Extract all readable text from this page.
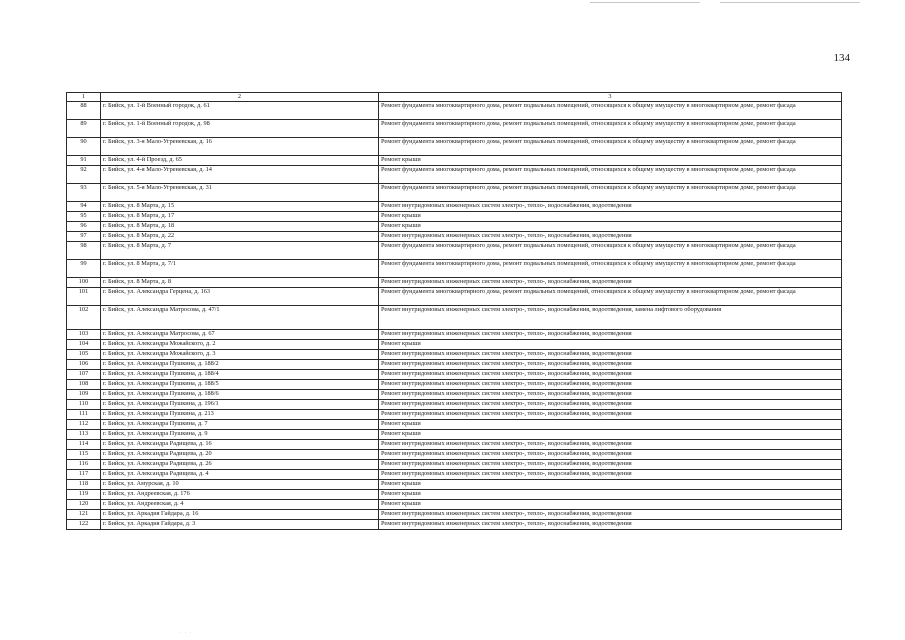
134
1	2	3
88	г. Бийск, ул. 1-й Военный городок, д. 61	Ремонт фундамента многоквартирного дома, ремонт подвальных помещений, относящихся к общему имуществу в многоквартирном доме, ремонт фасада
89	г. Бийск, ул. 1-й Военный городок, д. 98	Ремонт фундамента многоквартирного дома, ремонт подвальных помещений, относящихся к общему имуществу в многоквартирном доме, ремонт фасада
90	г. Бийск, ул. 3-я Мало-Угреневская, д. 16	Ремонт фундамента многоквартирного дома, ремонт подвальных помещений, относящихся к общему имуществу в многоквартирном доме, ремонт фасада
91	г. Бийск, ул. 4-й Проезд, д. 65	Ремонт крыши
92	г. Бийск, ул. 4-я Мало-Угреневская, д. 14	Ремонт фундамента многоквартирного дома, ремонт подвальных помещений, относящихся к общему имуществу в многоквартирном доме, ремонт фасада
93	г. Бийск, ул. 5-я Мало-Угреневская, д. 31	Ремонт фундамента многоквартирного дома, ремонт подвальных помещений, относящихся к общему имуществу в многоквартирном доме, ремонт фасада
94	г. Бийск, ул. 8 Марта, д. 15	Ремонт внутридомовых инженерных систем электро-, тепло-, водоснабжения, водоотведения
95	г. Бийск, ул. 8 Марта, д. 17	Ремонт крыши
96	г. Бийск, ул. 8 Марта, д. 18	Ремонт крыши
97	г. Бийск, ул. 8 Марта, д. 22	Ремонт внутридомовых инженерных систем электро-, тепло-, водоснабжения, водоотведения
98	г. Бийск, ул. 8 Марта, д. 7	Ремонт фундамента многоквартирного дома, ремонт подвальных помещений, относящихся к общему имуществу в многоквартирном доме, ремонт фасада
99	г. Бийск, ул. 8 Марта, д. 7/1	Ремонт фундамента многоквартирного дома, ремонт подвальных помещений, относящихся к общему имуществу в многоквартирном доме, ремонт фасада
100	г. Бийск, ул. 8 Марта, д. 8	Ремонт внутридомовых инженерных систем электро-, тепло-, водоснабжения, водоотведения
101	г. Бийск, ул. Александра Герцена, д. 163	Ремонт фундамента многоквартирного дома, ремонт подвальных помещений, относящихся к общему имуществу в многоквартирном доме, ремонт фасада
102	г. Бийск, ул. Александра Матросова, д. 47/1	Ремонт внутридомовых инженерных систем электро-, тепло-, водоснабжения, водоотведения, замена лифтового оборудования
103	г. Бийск, ул. Александра Матросова, д. 67	Ремонт внутридомовых инженерных систем электро-, тепло-, водоснабжения, водоотведения
104	г. Бийск, ул. Александра Можайского, д. 2	Ремонт крыши
105	г. Бийск, ул. Александра Можайского, д. 3	Ремонт внутридомовых инженерных систем электро-, тепло-, водоснабжения, водоотведения
106	г. Бийск, ул. Александра Пушкина, д. 188/2	Ремонт внутридомовых инженерных систем электро-, тепло-, водоснабжения, водоотведения
107	г. Бийск, ул. Александра Пушкина, д. 188/4	Ремонт внутридомовых инженерных систем электро-, тепло-, водоснабжения, водоотведения
108	г. Бийск, ул. Александра Пушкина, д. 188/5	Ремонт внутридомовых инженерных систем электро-, тепло-, водоснабжения, водоотведения
109	г. Бийск, ул. Александра Пушкина, д. 188/6	Ремонт внутридомовых инженерных систем электро-, тепло-, водоснабжения, водоотведения
110	г. Бийск, ул. Александра Пушкина, д. 196/1	Ремонт внутридомовых инженерных систем электро-, тепло-, водоснабжения, водоотведения
111	г. Бийск, ул. Александра Пушкина, д. 213	Ремонт внутридомовых инженерных систем электро-, тепло-, водоснабжения, водоотведения
112	г. Бийск, ул. Александра Пушкина, д. 7	Ремонт крыши
113	г. Бийск, ул. Александра Пушкина, д. 9	Ремонт крыши
114	г. Бийск, ул. Александра Радищева, д. 16	Ремонт внутридомовых инженерных систем электро-, тепло-, водоснабжения, водоотведения
115	г. Бийск, ул. Александра Радищева, д. 20	Ремонт внутридомовых инженерных систем электро-, тепло-, водоснабжения, водоотведения
116	г. Бийск, ул. Александра Радищева, д. 26	Ремонт внутридомовых инженерных систем электро-, тепло-, водоснабжения, водоотведения
117	г. Бийск, ул. Александра Радищева, д. 4	Ремонт внутридомовых инженерных систем электро-, тепло-, водоснабжения, водоотведения
118	г. Бийск, ул. Амурская, д. 10	Ремонт крыши
119	г. Бийск, ул. Андреевская, д. 176	Ремонт крыши
120	г. Бийск, ул. Андреевская, д. 4	Ремонт крыши
121	г. Бийск, ул. Аркадия Гайдара, д. 16	Ремонт внутридомовых инженерных систем электро-, тепло-, водоснабжения, водоотведения
122	г. Бийск, ул. Аркадия Гайдара, д. 3	Ремонт внутридомовых инженерных систем электро-, тепло-, водоснабжения, водоотведения
· · ·
